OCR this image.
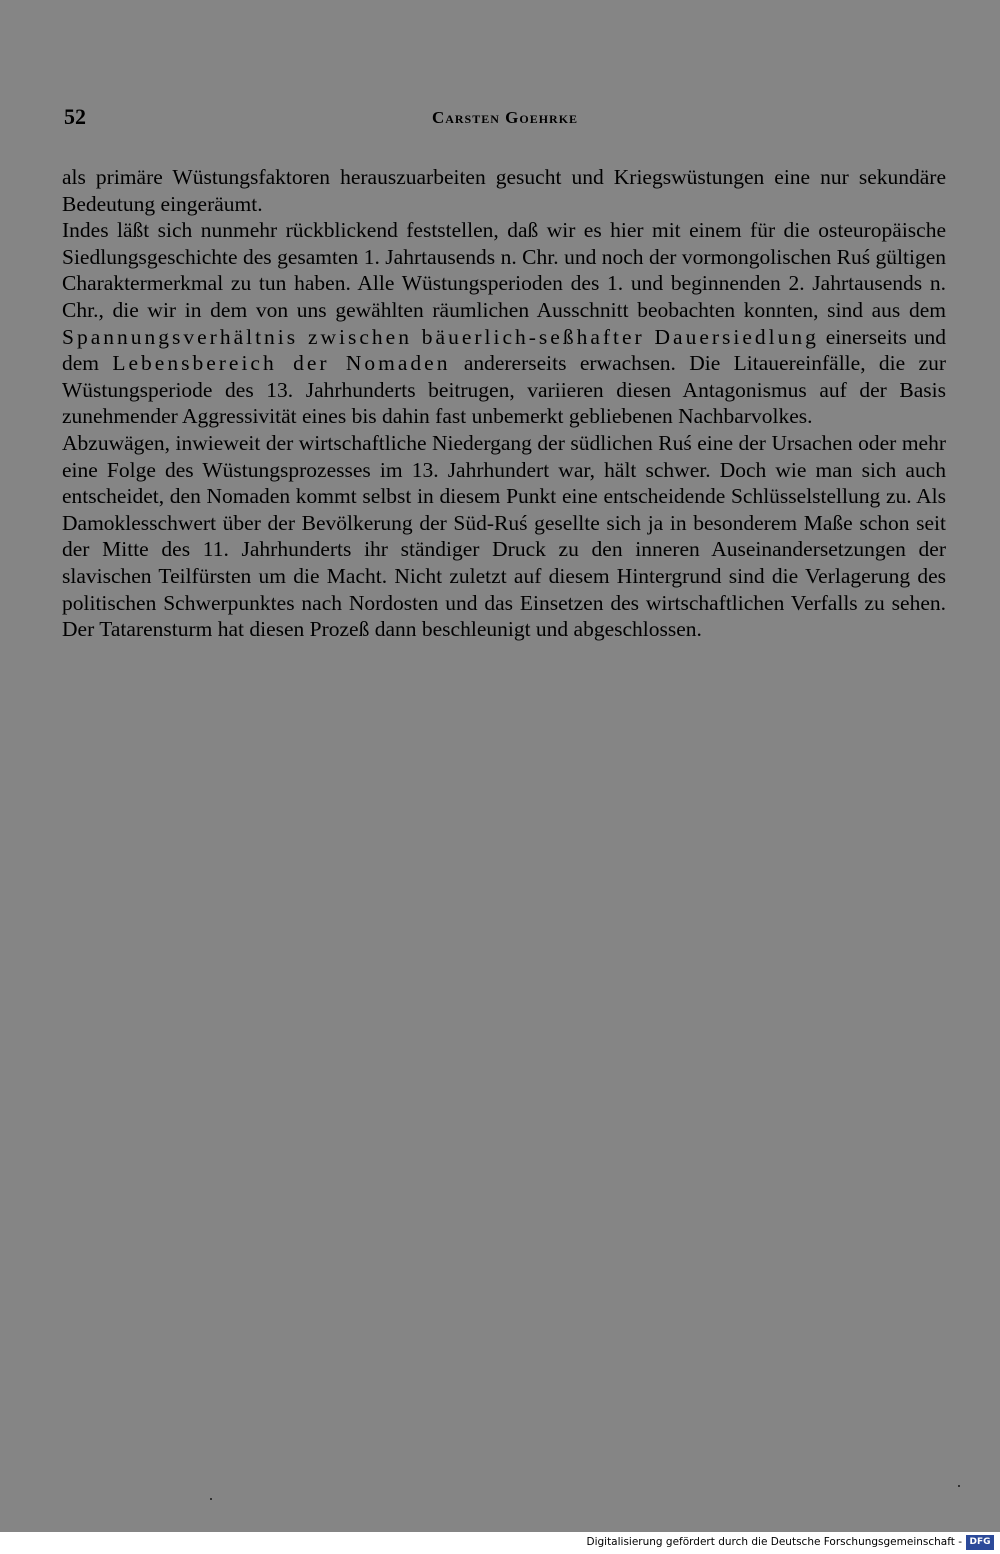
52	Carsten Goehrke

als primäre Wüstungsfaktoren herauszuarbeiten gesucht und Kriegswüstungen eine nur sekundäre Bedeutung eingeräumt.

Indes läßt sich nunmehr rückblickend feststellen, daß wir es hier mit einem für die osteuropäische Siedlungsgeschichte des gesamten 1. Jahrtausends n. Chr. und noch der vormongolischen Ruś gültigen Charaktermerkmal zu tun haben. Alle Wüstungsperioden des 1. und beginnenden 2. Jahrtausends n. Chr., die wir in dem von uns gewählten räumlichen Ausschnitt beobachten konnten, sind aus dem Spannungsverhältnis zwischen bäuerlich-seßhafter Dauersiedlung einerseits und dem Lebensbereich der Nomaden andererseits erwachsen. Die Litauereinfälle, die zur Wüstungsperiode des 13. Jahrhunderts beitrugen, variieren diesen Antagonismus auf der Basis zunehmender Aggressivität eines bis dahin fast unbemerkt gebliebenen Nachbarvolkes.

Abzuwägen, inwieweit der wirtschaftliche Niedergang der südlichen Ruś eine der Ursachen oder mehr eine Folge des Wüstungsprozesses im 13. Jahrhundert war, hält schwer. Doch wie man sich auch entscheidet, den Nomaden kommt selbst in diesem Punkt eine entscheidende Schlüsselstellung zu. Als Damoklesschwert über der Bevölkerung der Süd-Ruś gesellte sich ja in besonderem Maße schon seit der Mitte des 11. Jahrhunderts ihr ständiger Druck zu den inneren Auseinandersetzungen der slavischen Teilfürsten um die Macht. Nicht zuletzt auf diesem Hintergrund sind die Verlagerung des politischen Schwerpunktes nach Nordosten und das Einsetzen des wirtschaftlichen Verfalls zu sehen. Der Tatarensturm hat diesen Prozeß dann beschleunigt und abgeschlossen.

Digitalisierung gefördert durch die Deutsche Forschungsgemeinschaft - DFG
